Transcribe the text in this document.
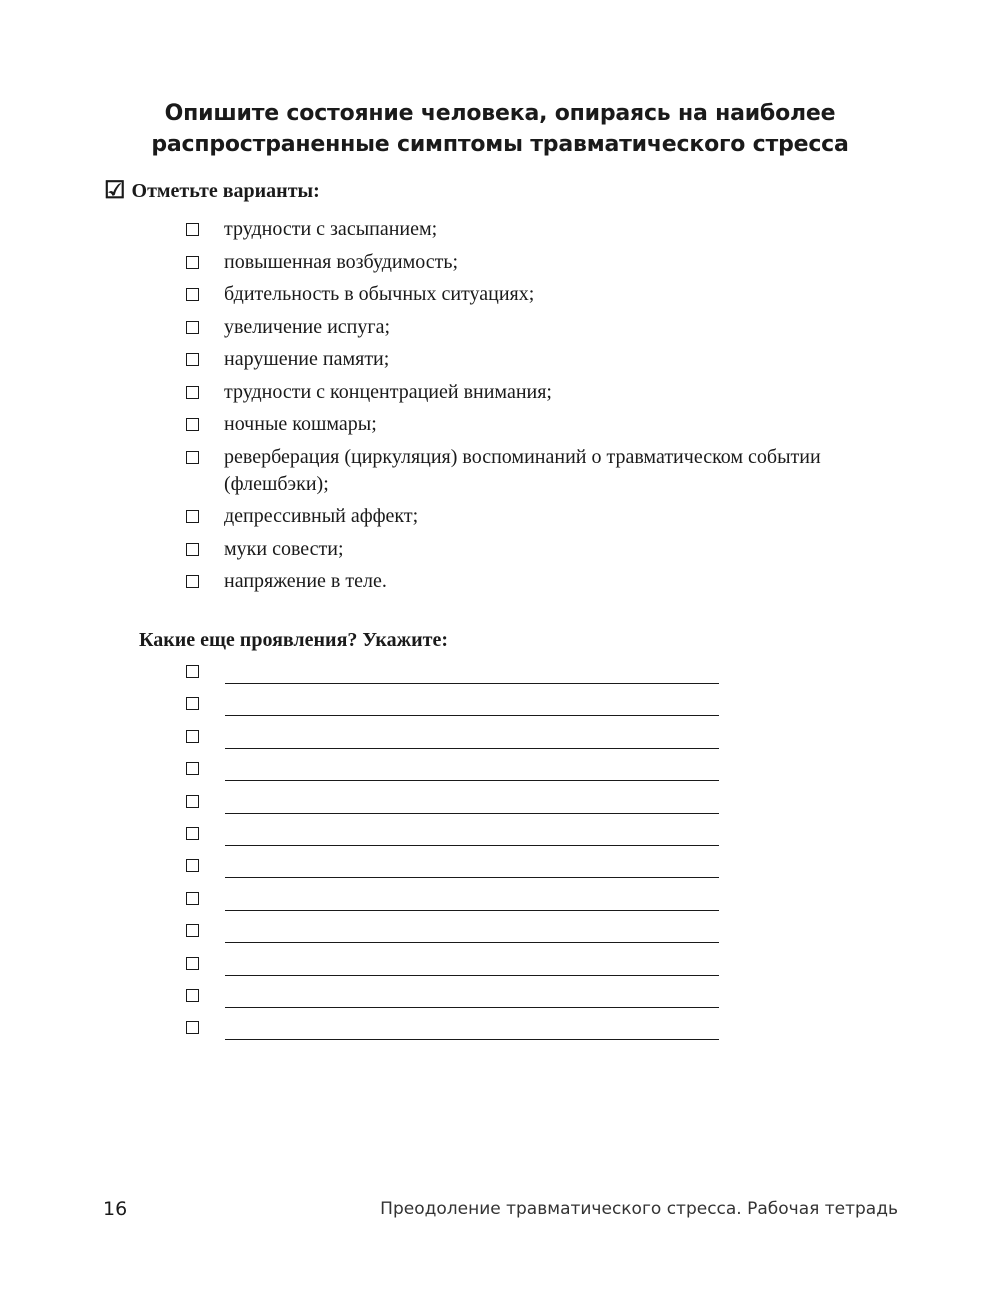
Опишите состояние человека, опираясь на наиболее
распространенные симптомы травматического стресса
☑ Отметьте варианты:
трудности с засыпанием;
повышенная возбудимость;
бдительность в обычных ситуациях;
увеличение испуга;
нарушение памяти;
трудности с концентрацией внимания;
ночные кошмары;
реверберация (циркуляция) воспоминаний о травматическом событии (флешбэки);
депрессивный аффект;
муки совести;
напряжение в теле.
Какие еще проявления? Укажите:
16	Преодоление травматического стресса. Рабочая тетрадь
